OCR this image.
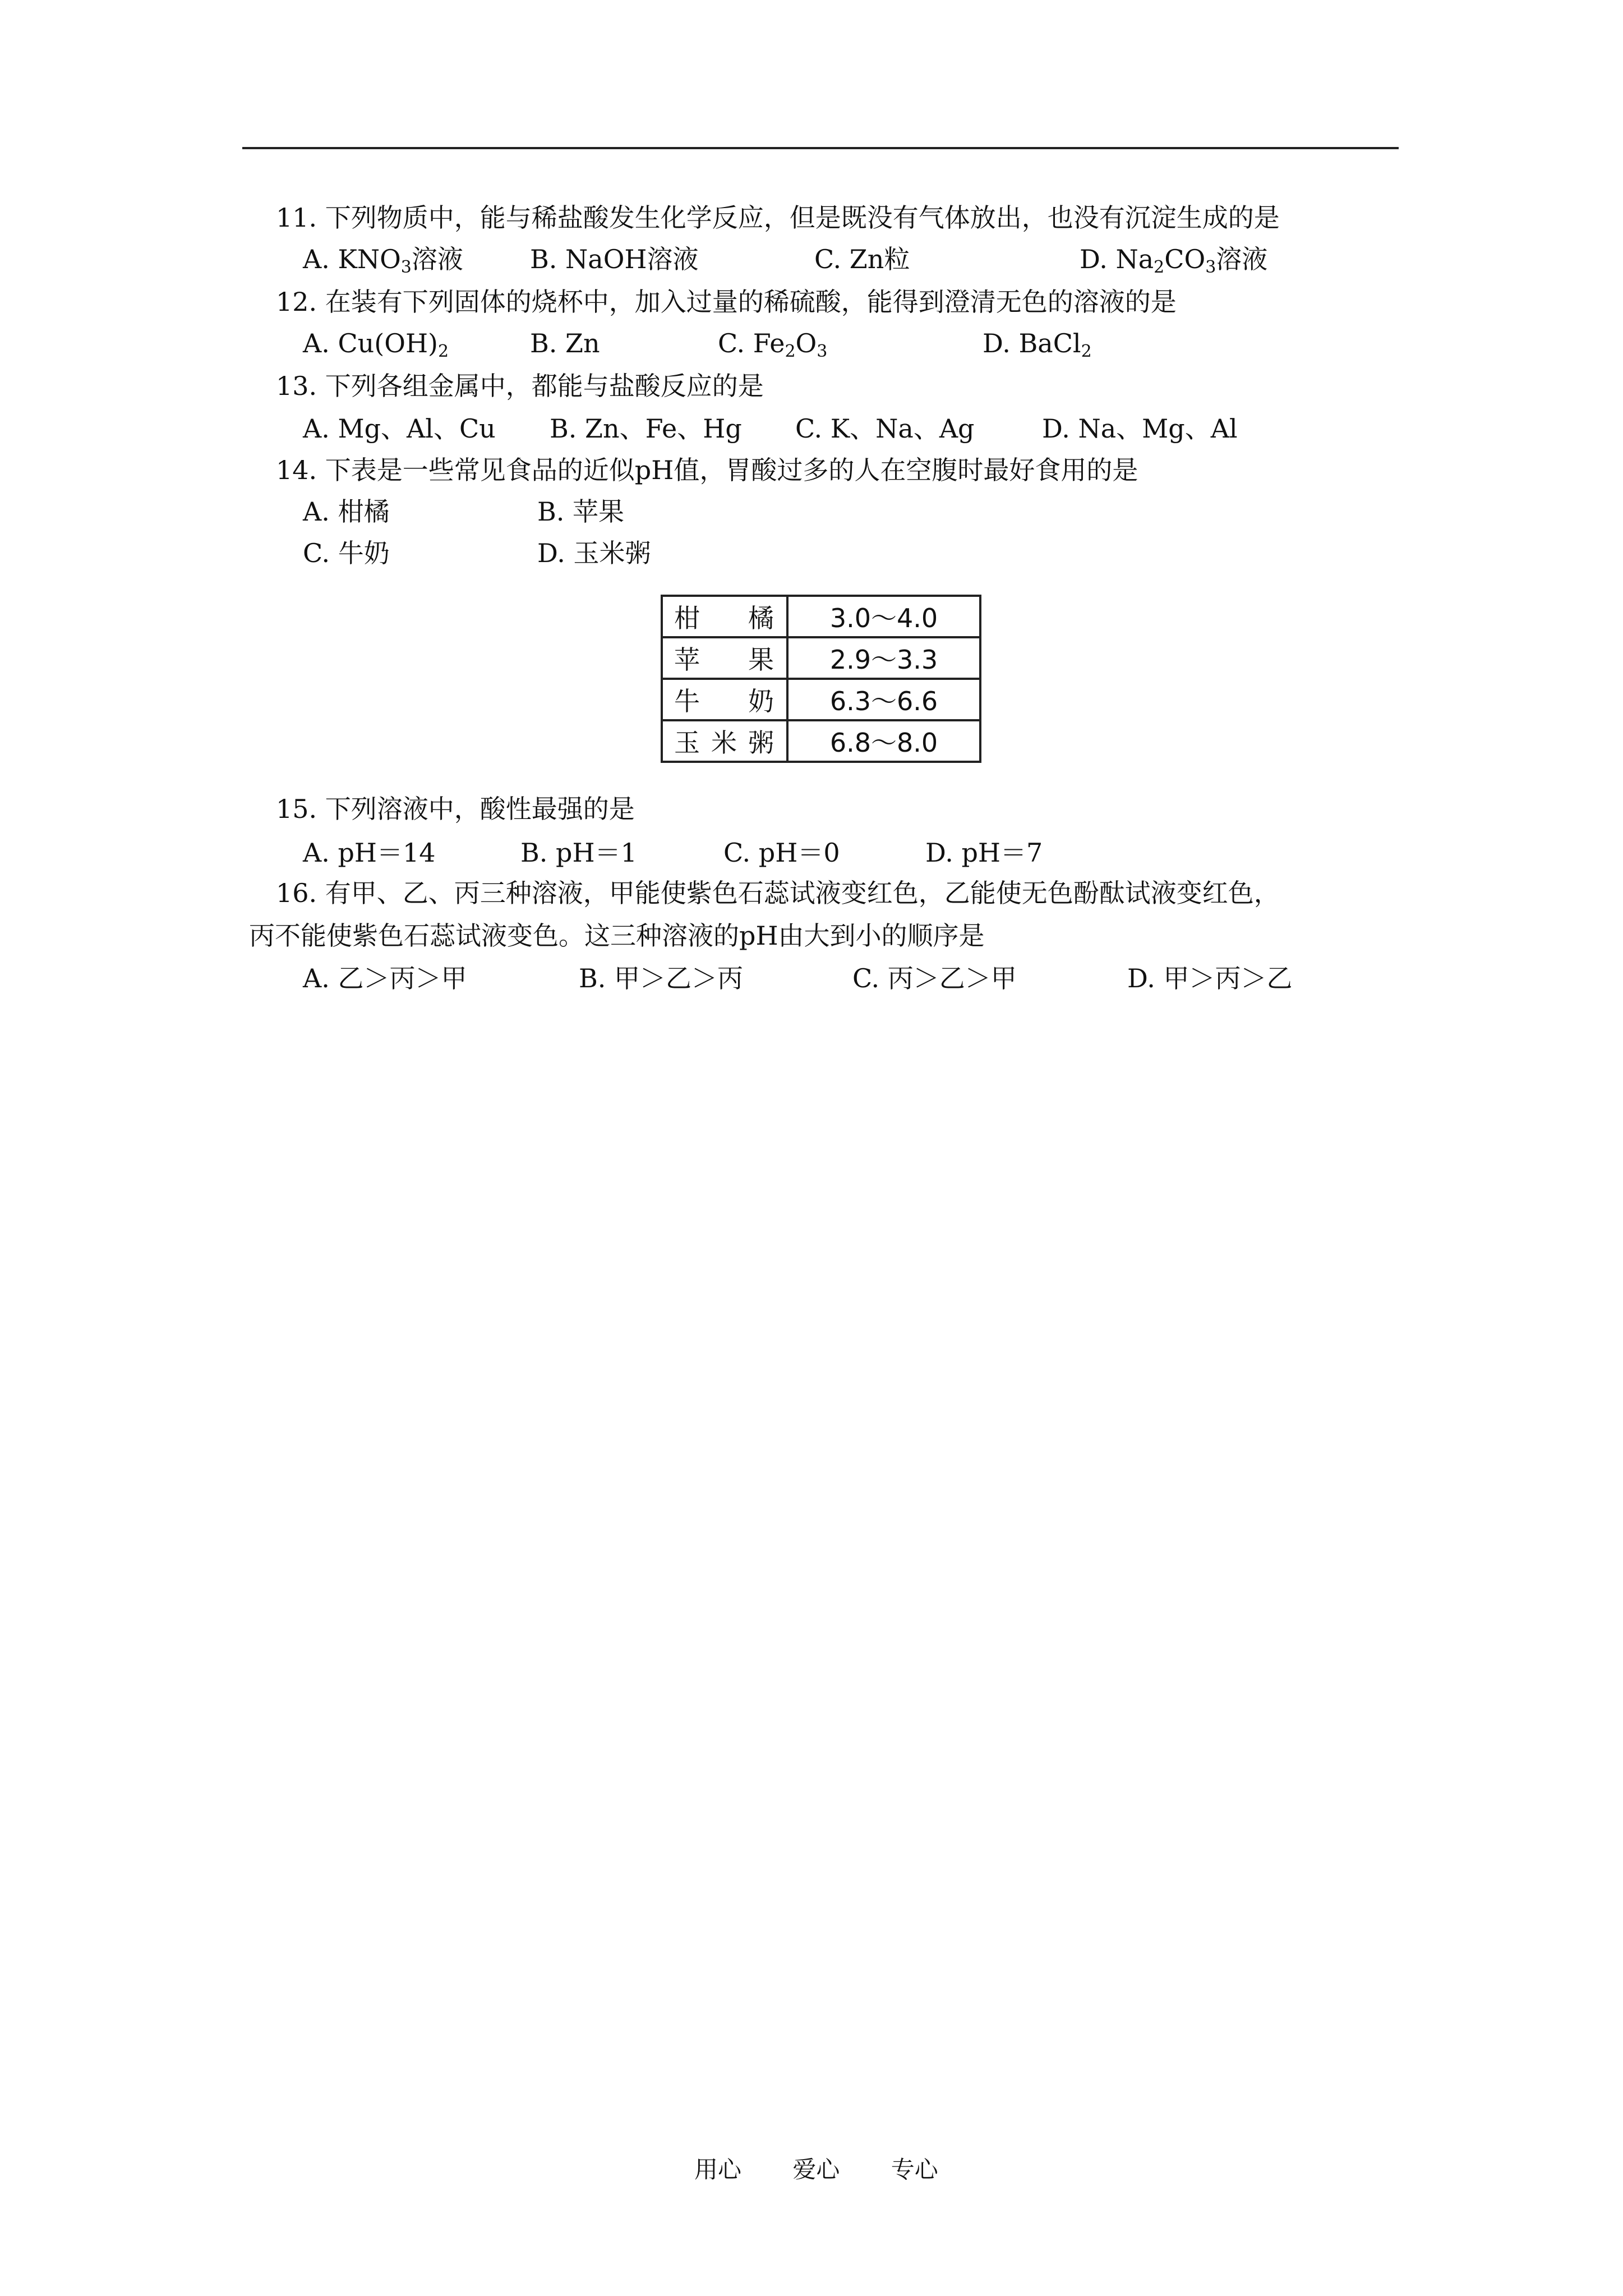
11. 下列物质中，能与稀盐酸发生化学反应，但是既没有气体放出，也没有沉淀生成的是
A. $KNO_3$溶液	B. NaOH溶液	C. Zn粒	D. $Na_2CO_3$溶液
12. 在装有下列固体的烧杯中，加入过量的稀硫酸，能得到澄清无色的溶液的是
A. $Cu(OH)_2$	B. Zn	C. $Fe_2O_3$	D. BaCl$_2$
13. 下列各组金属中，都能与盐酸反应的是
A. Mg、Al、Cu B. Zn、Fe、Hg C. K、Na、Ag	D. Na、Mg、Al
14. 下表是一些常见食品的近似pH值，胃酸过多的人在空腹时最好食用的是
A. 柑橘	B. 苹果
C. 牛奶	D. 玉米粥
柑 橘	3.0～4.0
苹 果	2.9～3.3
牛 奶	6.3～6.6
玉米粥	6.8～8.0
15. 下列溶液中，酸性最强的是
A. pH＝14	B. pH＝1	C. pH＝0	D. pH＝7
16. 有甲、乙、丙三种溶液，甲能使紫色石蕊试液变红色，乙能使无色酚酞试液变红色，
丙不能使紫色石蕊试液变色。这三种溶液的pH由大到小的顺序是
A. 乙＞丙＞甲	B. 甲＞乙＞丙	C. 丙＞乙＞甲	D. 甲＞丙＞乙
用心 爱心 专心
